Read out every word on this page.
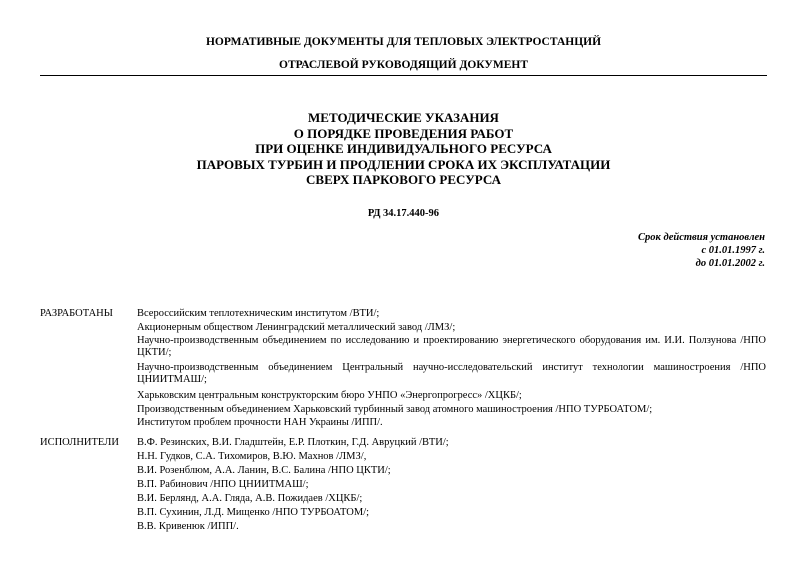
НОРМАТИВНЫЕ ДОКУМЕНТЫ ДЛЯ ТЕПЛОВЫХ ЭЛЕКТРОСТАНЦИЙ
ОТРАСЛЕВОЙ РУКОВОДЯЩИЙ ДОКУМЕНТ
МЕТОДИЧЕСКИЕ УКАЗАНИЯ
О ПОРЯДКЕ ПРОВЕДЕНИЯ РАБОТ
ПРИ ОЦЕНКЕ ИНДИВИДУАЛЬНОГО РЕСУРСА
ПАРОВЫХ ТУРБИН И ПРОДЛЕНИИ СРОКА ИХ ЭКСПЛУАТАЦИИ
СВЕРХ ПАРКОВОГО РЕСУРСА
РД 34.17.440-96
Срок действия установлен
с 01.01.1997 г.
до 01.01.2002 г.
РАЗРАБОТАНЫ Всероссийским теплотехническим институтом /ВТИ/;
Акционерным обществом Ленинградский металлический завод /ЛМЗ/;
Научно-производственным объединением по исследованию и проектированию энергетического оборудования им. И.И. Ползунова /НПО ЦКТИ/;
Научно-производственным объединением Центральный научно-исследовательский институт технологии машиностроения /НПО ЦНИИТМАШ/;
Харьковским центральным конструкторским бюро УНПО «Энергопрогресс» /ХЦКБ/;
Производственным объединением Харьковский турбинный завод атомного машиностроения /НПО ТУРБОАТОМ/;
Институтом проблем прочности НАН Украины /ИПП/.
ИСПОЛНИТЕЛИ В.Ф. Резинских, В.И. Гладштейн, Е.Р. Плоткин, Г.Д. Авруцкий /ВТИ/;
Н.Н. Гудков, С.А. Тихомиров, В.Ю. Махнов /ЛМЗ/,
В.И. Розенблюм, А.А. Ланин, В.С. Балина /НПО ЦКТИ/;
В.П. Рабинович /НПО ЦНИИТМАШ/;
В.И. Берлянд, А.А. Гляда, А.В. Пожидаев /ХЦКБ/;
В.П. Сухинин, Л.Д. Мищенко /НПО ТУРБОАТОМ/;
В.В. Кривенюк /ИПП/.
